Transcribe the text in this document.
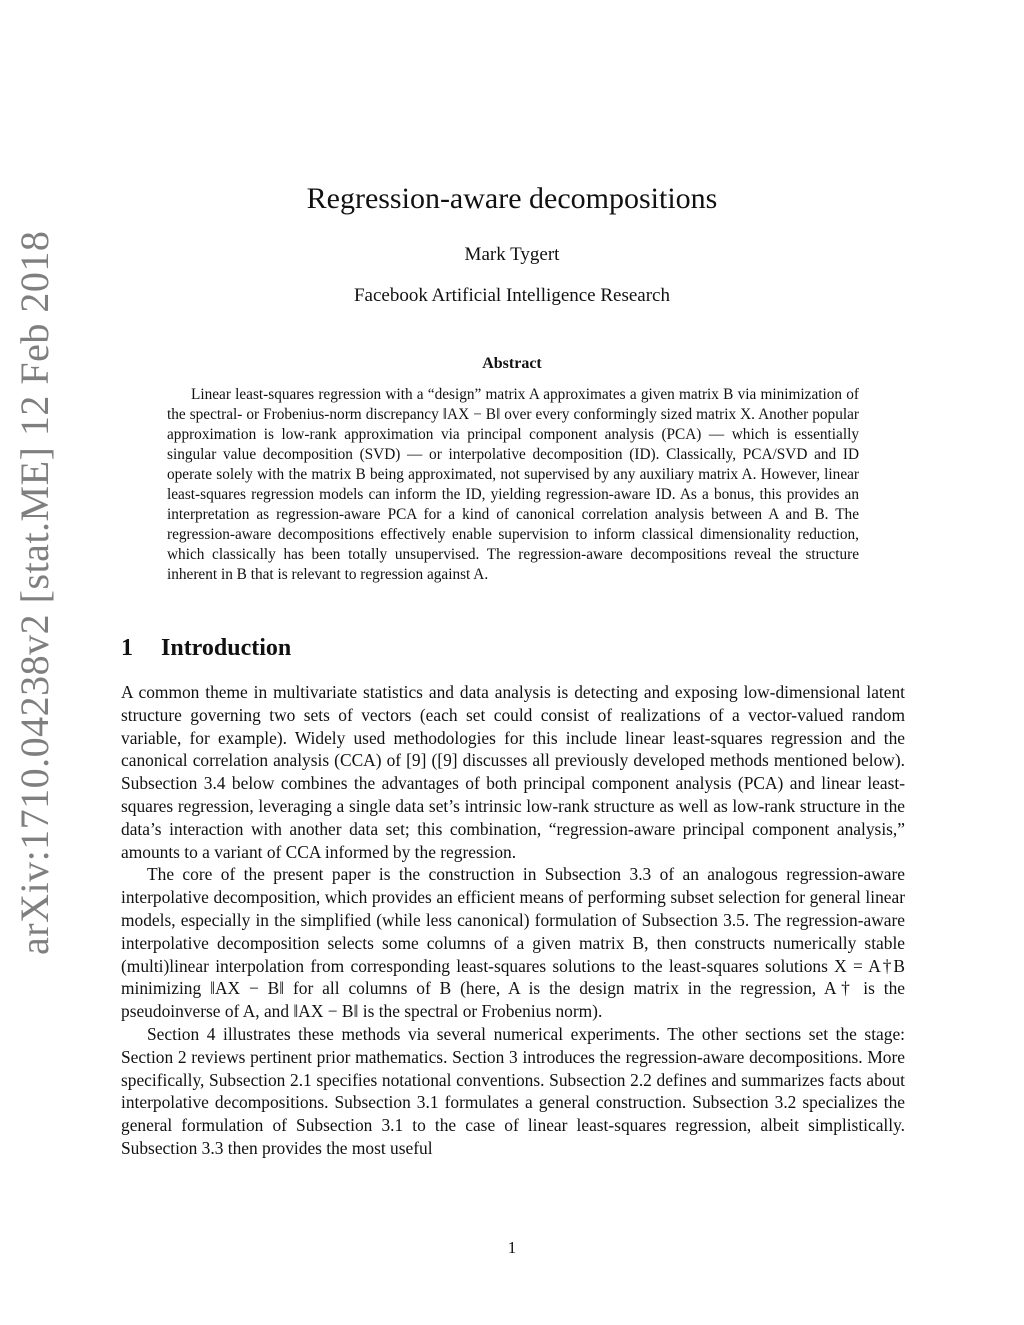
arXiv:1710.04238v2 [stat.ME] 12 Feb 2018
Regression-aware decompositions
Mark Tygert
Facebook Artificial Intelligence Research
Abstract
Linear least-squares regression with a “design” matrix A approximates a given matrix B via minimization of the spectral- or Frobenius-norm discrepancy ‖AX − B‖ over every conformingly sized matrix X. Another popular approximation is low-rank approximation via principal component analysis (PCA) — which is essentially singular value decomposition (SVD) — or interpolative decomposition (ID). Classically, PCA/SVD and ID operate solely with the matrix B being approximated, not supervised by any auxiliary matrix A. However, linear least-squares regression models can inform the ID, yielding regression-aware ID. As a bonus, this provides an interpretation as regression-aware PCA for a kind of canonical correlation analysis between A and B. The regression-aware decompositions effectively enable supervision to inform classical dimensionality reduction, which classically has been totally unsupervised. The regression-aware decompositions reveal the structure inherent in B that is relevant to regression against A.
1 Introduction

A common theme in multivariate statistics and data analysis is detecting and exposing low-dimensional latent structure governing two sets of vectors (each set could consist of realizations of a vector-valued random variable, for example). Widely used methodologies for this include linear least-squares regression and the canonical correlation analysis (CCA) of [9] ([9] discusses all previously developed methods mentioned below). Subsection 3.4 below combines the advantages of both principal component analysis (PCA) and linear least-squares regression, leveraging a single data set’s intrinsic low-rank structure as well as low-rank structure in the data’s interaction with another data set; this combination, “regression-aware principal component analysis,” amounts to a variant of CCA informed by the regression.

The core of the present paper is the construction in Subsection 3.3 of an analogous regression-aware interpolative decomposition, which provides an efficient means of performing subset selection for general linear models, especially in the simplified (while less canonical) formulation of Subsection 3.5. The regression-aware interpolative decomposition selects some columns of a given matrix B, then constructs numerically stable (multi)linear interpolation from corresponding least-squares solutions to the least-squares solutions X = A†B minimizing ‖AX − B‖ for all columns of B (here, A is the design matrix in the regression, A† is the pseudoinverse of A, and ‖AX − B‖ is the spectral or Frobenius norm).

Section 4 illustrates these methods via several numerical experiments. The other sections set the stage: Section 2 reviews pertinent prior mathematics. Section 3 introduces the regression-aware decompositions. More specifically, Subsection 2.1 specifies notational conventions. Subsection 2.2 defines and summarizes facts about interpolative decompositions. Subsection 3.1 formulates a general construction. Subsection 3.2 specializes the general formulation of Subsection 3.1 to the case of linear least-squares regression, albeit simplistically. Subsection 3.3 then provides the most useful

1
